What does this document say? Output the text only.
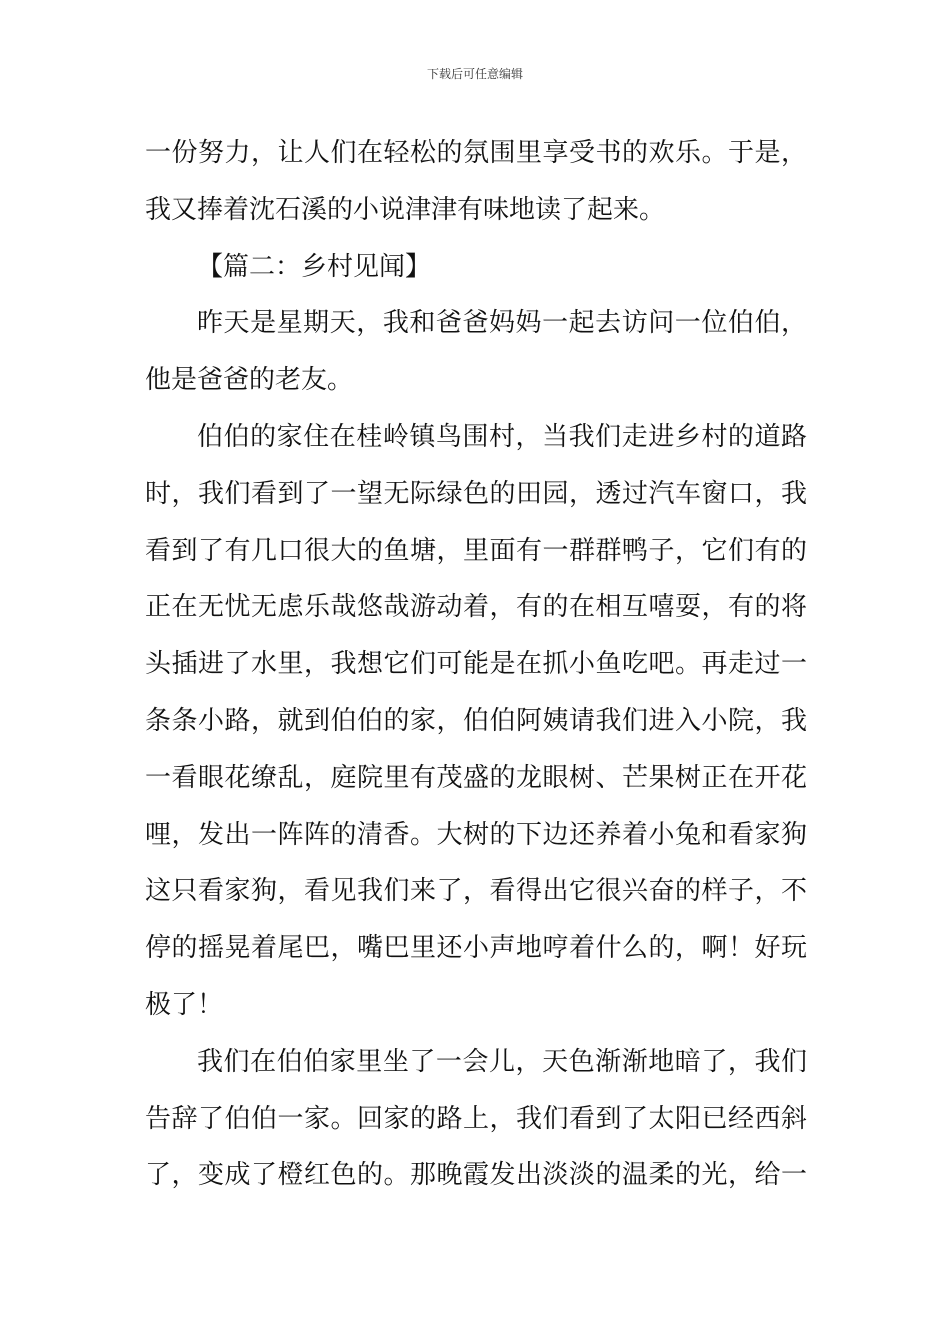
下载后可任意编辑
一份努力，让人们在轻松的氛围里享受书的欢乐。于是，
我又捧着沈石溪的小说津津有味地读了起来。
【篇二：乡村见闻】
昨天是星期天，我和爸爸妈妈一起去访问一位伯伯，
他是爸爸的老友。
伯伯的家住在桂岭镇鸟围村，当我们走进乡村的道路
时，我们看到了一望无际绿色的田园，透过汽车窗口，我
看到了有几口很大的鱼塘，里面有一群群鸭子，它们有的
正在无忧无虑乐哉悠哉游动着，有的在相互嘻耍，有的将
头插进了水里，我想它们可能是在抓小鱼吃吧。再走过一
条条小路，就到伯伯的家，伯伯阿姨请我们进入小院，我
一看眼花缭乱，庭院里有茂盛的龙眼树、芒果树正在开花
哩，发出一阵阵的清香。大树的下边还养着小兔和看家狗
这只看家狗，看见我们来了，看得出它很兴奋的样子，不
停的摇晃着尾巴，嘴巴里还小声地哼着什么的，啊！好玩
极了！
我们在伯伯家里坐了一会儿，天色渐渐地暗了，我们
告辞了伯伯一家。回家的路上，我们看到了太阳已经西斜
了，变成了橙红色的。那晚霞发出淡淡的温柔的光，给一
